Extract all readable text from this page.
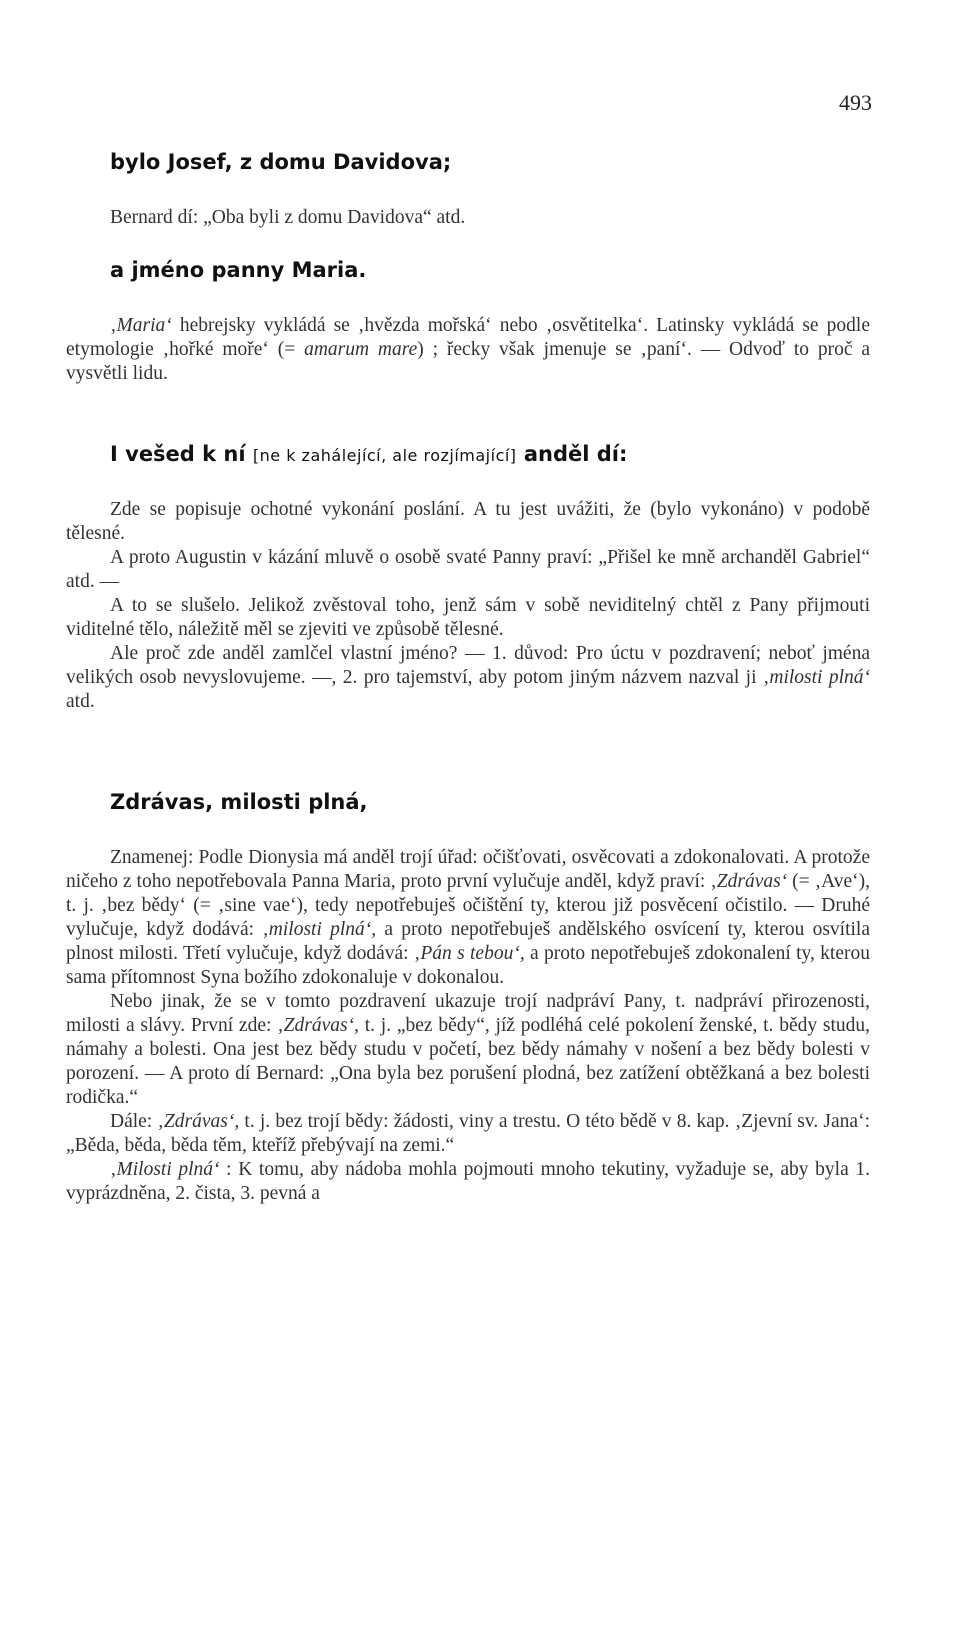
493
bylo Josef, z domu Davidova;
Bernard dí: „Oba byli z domu Davidova“ atd.
a jméno panny Maria.
‚Maria‘ hebrejsky vykládá se ‚hvězda mořská‘ nebo ‚osvětitelka‘. Latinsky vykládá se podle etymologie ‚hořké moře‘ (= amarum mare) ; řecky však jmenuje se ‚paní‘. — Odvoď to proč a vysvětli lidu.
I vešed k ní [ne k zahálející, ale rozjímající] anděl dí:

Zde se popisuje ochotné vykonání poslání. A tu jest uvážiti, že (bylo vykonáno) v podobě tělesné.

A proto Augustin v kázání mluvě o osobě svaté Panny praví: „Přišel ke mně archanděl Gabriel“ atd. —

A to se slušelo. Jelikož zvěstoval toho, jenž sám v sobě neviditelný chtěl z Pany přijmouti viditelné tělo, náležitě měl se zjeviti ve způsobě tělesné.

Ale proč zde anděl zamlčel vlastní jméno? — 1. důvod: Pro úctu v pozdravení; neboť jména velikých osob nevyslovujeme. —, 2. pro tajemství, aby potom jiným názvem nazval ji ‚milosti plná‘ atd.

Zdrávas, milosti plná,

Znamenej: Podle Dionysia má anděl trojí úřad: očišťovati, osvěcovati a zdokonalovati. A protože ničeho z toho nepotřebovala Panna Maria, proto první vylučuje anděl, když praví: ‚Zdrávas‘ (= ‚Ave‘), t. j. ‚bez bědy‘ (= ‚sine vae‘), tedy nepotřebuješ očištění ty, kterou již posvěcení očistilo. — Druhé vylučuje, když dodává: ‚milosti plná‘, a proto nepotřebuješ andělského osvícení ty, kterou osvítila plnost milosti. Třetí vylučuje, když dodává: ‚Pán s tebou‘, a proto nepotřebuješ zdokonalení ty, kterou sama přítomnost Syna božího zdokonaluje v dokonalou.

Nebo jinak, že se v tomto pozdravení ukazuje trojí nadpráví Pany, t. nadpráví přirozenosti, milosti a slávy. První zde: ‚Zdrávas‘, t. j. „bez bědy“, jíž podléhá celé pokolení ženské, t. bědy studu, námahy a bolesti. Ona jest bez bědy studu v početí, bez bědy námahy v nošení a bez bědy bolesti v porození. — A proto dí Bernard: „Ona byla bez porušení plodná, bez zatížení obtěžkaná a bez bolesti rodička.“

Dále: ‚Zdrávas‘, t. j. bez trojí bědy: žádosti, viny a trestu. O této bědě v 8. kap. ‚Zjevní sv. Jana‘: „Běda, běda, běda těm, kteříž přebývají na zemi.“

‚Milosti plná‘ : K tomu, aby nádoba mohla pojmouti mnoho tekutiny, vyžaduje se, aby byla 1. vyprázdněna, 2. čista, 3. pevná a
